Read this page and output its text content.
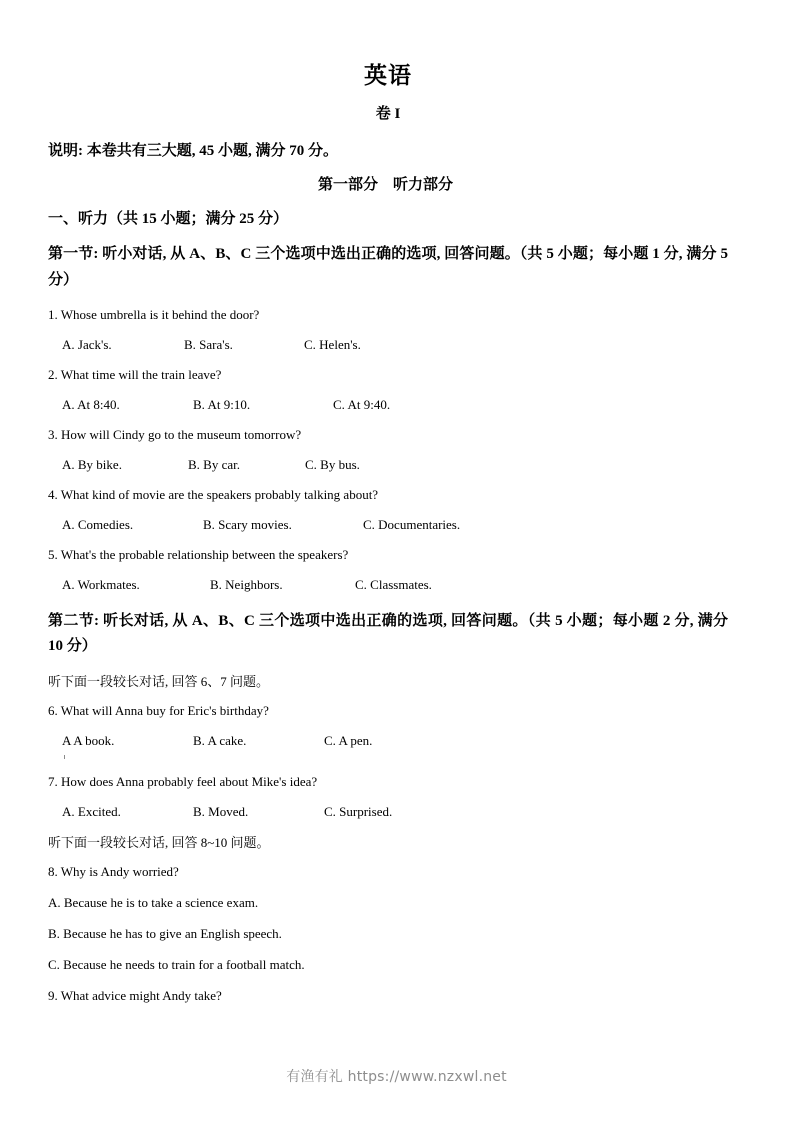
英语
卷 I
说明: 本卷共有三大题, 45 小题, 满分 70 分。
第一部分　听力部分
一、听力（共 15 小题；满分 25 分）
第一节: 听小对话, 从 A、B、C 三个选项中选出正确的选项, 回答问题。（共 5 小题；每小题 1 分, 满分 5 分）
1. Whose umbrella is it behind the door?
A. Jack's.	B. Sara's.	C. Helen's.
2. What time will the train leave?
A. At 8:40.	B. At 9:10.	C. At 9:40.
3. How will Cindy go to the museum tomorrow?
A. By bike.	B. By car.	C. By bus.
4. What kind of movie are the speakers probably talking about?
A. Comedies.	B. Scary movies.	C. Documentaries.
5. What's the probable relationship between the speakers?
A. Workmates.	B. Neighbors.	C. Classmates.
第二节: 听长对话, 从 A、B、C 三个选项中选出正确的选项, 回答问题。（共 5 小题；每小题 2 分, 满分 10 分）
听下面一段较长对话, 回答 6、7 问题。
6. What will Anna buy for Eric's birthday?
A A book.	B. A cake.	C. A pen.
7. How does Anna probably feel about Mike's idea?
A. Excited.	B. Moved.	C. Surprised.
听下面一段较长对话, 回答 8~10 问题。
8. Why is Andy worried?
A. Because he is to take a science exam.
B. Because he has to give an English speech.
C. Because he needs to train for a football match.
9. What advice might Andy take?
有渔有礼 https://www.nzxwl.net
